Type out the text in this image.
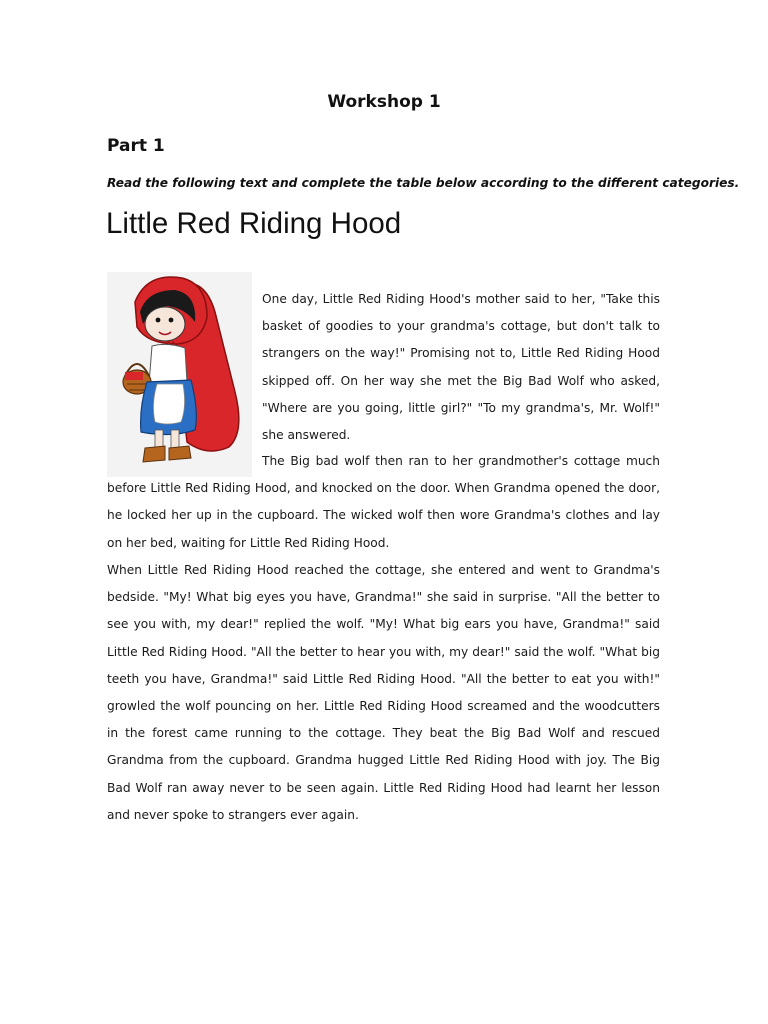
Workshop 1
Part 1
Read the following text and complete the table below according to the different categories.
Little Red Riding Hood
One day, Little Red Riding Hood's mother said to her, "Take this basket of goodies to your grandma's cottage, but don't talk to strangers on the way!" Promising not to, Little Red Riding Hood skipped off. On her way she met the Big Bad Wolf who asked, "Where are you going, little girl?" "To my grandma's, Mr. Wolf!" she answered.
The Big bad wolf then ran to her grandmother's cottage much before Little Red Riding Hood, and knocked on the door. When Grandma opened the door, he locked her up in the cupboard. The wicked wolf then wore Grandma's clothes and lay on her bed, waiting for Little Red Riding Hood.
When Little Red Riding Hood reached the cottage, she entered and went to Grandma's bedside. "My! What big eyes you have, Grandma!" she said in surprise. "All the better to see you with, my dear!" replied the wolf. "My! What big ears you have, Grandma!" said Little Red Riding Hood. "All the better to hear you with, my dear!" said the wolf. "What big teeth you have, Grandma!" said Little Red Riding Hood. "All the better to eat you with!" growled the wolf pouncing on her. Little Red Riding Hood screamed and the woodcutters in the forest came running to the cottage. They beat the Big Bad Wolf and rescued Grandma from the cupboard. Grandma hugged Little Red Riding Hood with joy. The Big Bad Wolf ran away never to be seen again. Little Red Riding Hood had learnt her lesson and never spoke to strangers ever again.
